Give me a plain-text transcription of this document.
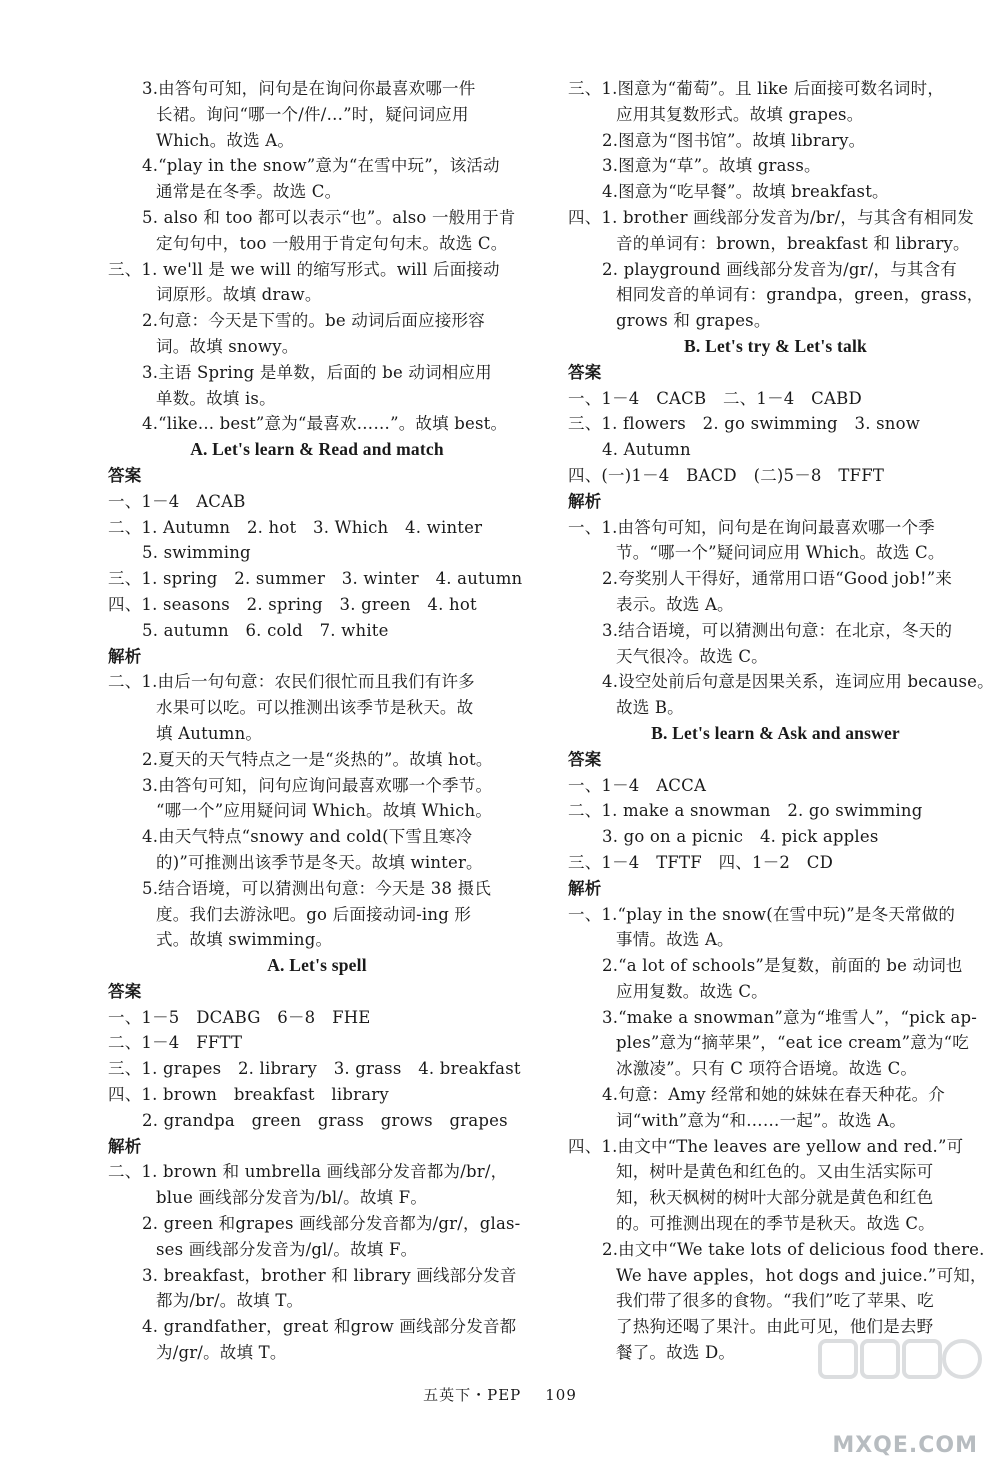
3.由答句可知，问句是在询问你最喜欢哪一件
长裙。询问“哪一个/件/…”时，疑问词应用
Which。故选 A。
4.“play in the snow”意为“在雪中玩”，该活动
通常是在冬季。故选 C。
5. also 和 too 都可以表示“也”。also 一般用于肯
定句句中，too 一般用于肯定句句末。故选 C。
三、1. we'll 是 we will 的缩写形式。will 后面接动
词原形。故填 draw。
2.句意：今天是下雪的。be 动词后面应接形容
词。故填 snowy。
3.主语 Spring 是单数，后面的 be 动词相应用
单数。故填 is。
4.“like... best”意为“最喜欢……”。故填 best。
A. Let's learn & Read and match
答案
一、1－4　ACAB
二、1. Autumn　2. hot　3. Which　4. winter
5. swimming
三、1. spring　2. summer　3. winter　4. autumn
四、1. seasons　2. spring　3. green　4. hot
5. autumn　6. cold　7. white
解析
二、1.由后一句句意：农民们很忙而且我们有许多
水果可以吃。可以推测出该季节是秋天。故
填 Autumn。
2.夏天的天气特点之一是“炎热的”。故填 hot。
3.由答句可知，问句应询问最喜欢哪一个季节。
“哪一个”应用疑问词 Which。故填 Which。
4.由天气特点“snowy and cold(下雪且寒冷
的)”可推测出该季节是冬天。故填 winter。
5.结合语境，可以猜测出句意：今天是 38 摄氏
度。我们去游泳吧。go 后面接动词-ing 形
式。故填 swimming。
A. Let's spell
答案
一、1－5　DCABG　6－8　FHE
二、1－4　FFTT
三、1. grapes　2. library　3. grass　4. breakfast
四、1. brown　breakfast　library
2. grandpa　green　grass　grows　grapes
解析
二、1. brown 和 umbrella 画线部分发音都为/br/，
blue 画线部分发音为/bl/。故填 F。
2. green 和grapes 画线部分发音都为/gr/，glas-
ses 画线部分发音为/gl/。故填 F。
3. breakfast，brother 和 library 画线部分发音
都为/br/。故填 T。
4. grandfather，great 和grow 画线部分发音都
为/gr/。故填 T。
三、1.图意为“葡萄”。且 like 后面接可数名词时，
应用其复数形式。故填 grapes。
2.图意为“图书馆”。故填 library。
3.图意为“草”。故填 grass。
4.图意为“吃早餐”。故填 breakfast。
四、1. brother 画线部分发音为/br/，与其含有相同发
音的单词有：brown，breakfast 和 library。
2. playground 画线部分发音为/gr/，与其含有
相同发音的单词有：grandpa，green，grass，
grows 和 grapes。
B. Let's try & Let's talk
答案
一、1－4　CACB　二、1－4　CABD
三、1. flowers　2. go swimming　3. snow
4. Autumn
四、(一)1－4　BACD　(二)5－8　TFFT
解析
一、1.由答句可知，问句是在询问最喜欢哪一个季
节。“哪一个”疑问词应用 Which。故选 C。
2.夸奖别人干得好，通常用口语“Good job!”来
表示。故选 A。
3.结合语境，可以猜测出句意：在北京，冬天的
天气很冷。故选 C。
4.设空处前后句意是因果关系，连词应用 because。
故选 B。
B. Let's learn & Ask and answer
答案
一、1－4　ACCA
二、1. make a snowman　2. go swimming
3. go on a picnic　4. pick apples
三、1－4　TFTF　四、1－2　CD
解析
一、1.“play in the snow(在雪中玩)”是冬天常做的
事情。故选 A。
2.“a lot of schools”是复数，前面的 be 动词也
应用复数。故选 C。
3.“make a snowman”意为“堆雪人”，“pick ap-
ples”意为“摘苹果”，“eat ice cream”意为“吃
冰激凌”。只有 C 项符合语境。故选 C。
4.句意：Amy 经常和她的妹妹在春天种花。介
词“with”意为“和……一起”。故选 A。
四、1.由文中“The leaves are yellow and red.”可
知，树叶是黄色和红色的。又由生活实际可
知，秋天枫树的树叶大部分就是黄色和红色
的。可推测出现在的季节是秋天。故选 C。
2.由文中“We take lots of delicious food there.
We have apples，hot dogs and juice.”可知，
我们带了很多的食物。“我们”吃了苹果、吃
了热狗还喝了果汁。由此可见，他们是去野
餐了。故选 D。
五英下・PEP 109
MXQE.COM
